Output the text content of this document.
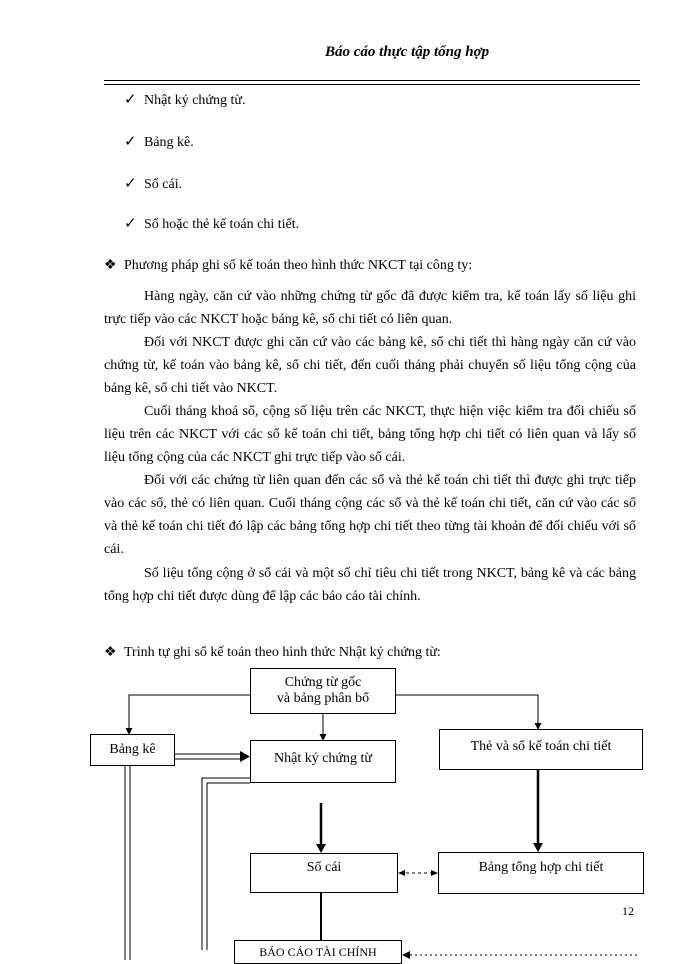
Báo cáo thực tập tổng hợp
✓ Nhật ký chứng từ.
✓ Bảng kê.
✓ Sổ cái.
✓ Sổ hoặc thẻ kế toán chi tiết.
❖ Phương pháp ghi sổ kế toán theo hình thức NKCT tại công ty:
Hàng ngày, căn cứ vào những chứng từ gốc đã được kiểm tra, kế toán lấy số liệu ghi trực tiếp vào các NKCT hoặc bảng kê, sổ chi tiết có liên quan.
Đối với NKCT được ghi căn cứ vào các bảng kê, sổ chi tiết thì hàng ngày căn cứ vào chứng từ, kế toán vào bảng kê, sổ chi tiết, đến cuối tháng phải chuyển số liệu tổng cộng của bảng kê, sổ chi tiết vào NKCT.
Cuối tháng khoá sổ, cộng số liệu trên các NKCT, thực hiện việc kiểm tra đối chiếu số liệu trên các NKCT với các sổ kế toán chi tiết, bảng tổng hợp chi tiết có liên quan và lấy số liệu tổng cộng của các NKCT ghi trực tiếp vào sổ cái.
Đối với các chứng từ liên quan đến các sổ và thẻ kế toán chi tiết thì được ghi trực tiếp vào các sổ, thẻ có liên quan. Cuối tháng cộng các sổ và thẻ kế toán chi tiết, căn cứ vào các sổ và thẻ kế toán chi tiết đó lập các bảng tổng hợp chi tiết theo từng tài khoản để đối chiếu với sổ cái.
Số liệu tổng cộng ở sổ cái và một số chỉ tiêu chi tiết trong NKCT, bảng kê và các bảng tổng hợp chi tiết được dùng để lập các báo cáo tài chính.
❖ Trình tự ghi sổ kế toán theo hình thức Nhật ký chứng từ:
Chứng từ gốc
và bảng phân bổ
Bảng kê
Nhật ký chứng từ
Thẻ và sổ kế toán chi tiết
Sổ cái	Bảng tổng hợp chi tiết
BÁO CÁO TÀI CHÍNH
12
